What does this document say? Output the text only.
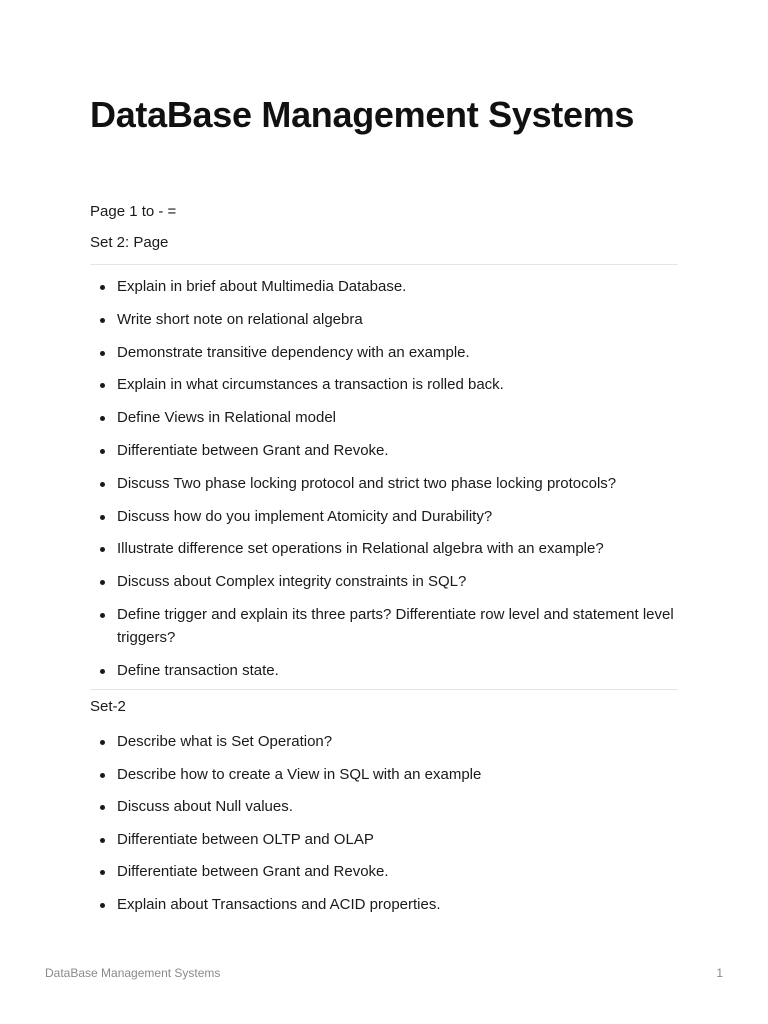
DataBase Management Systems
Page 1 to - =
Set 2: Page
Explain in brief about Multimedia Database.
Write short note on relational algebra
Demonstrate transitive dependency with an example.
Explain in what circumstances a transaction is rolled back.
Define Views in Relational model
Differentiate between Grant and Revoke.
Discuss Two phase locking protocol and strict two phase locking protocols?
Discuss how do you implement Atomicity and Durability?
Illustrate difference set operations in Relational algebra with an example?
Discuss about Complex integrity constraints in SQL?
Define trigger and explain its three parts? Differentiate row level and statement level triggers?
Define transaction state.
Set-2
Describe what is Set Operation?
Describe how to create a View in SQL with an example
Discuss about Null values.
Differentiate between OLTP and OLAP
Differentiate between Grant and Revoke.
Explain about Transactions and ACID properties.
DataBase Management Systems	1
